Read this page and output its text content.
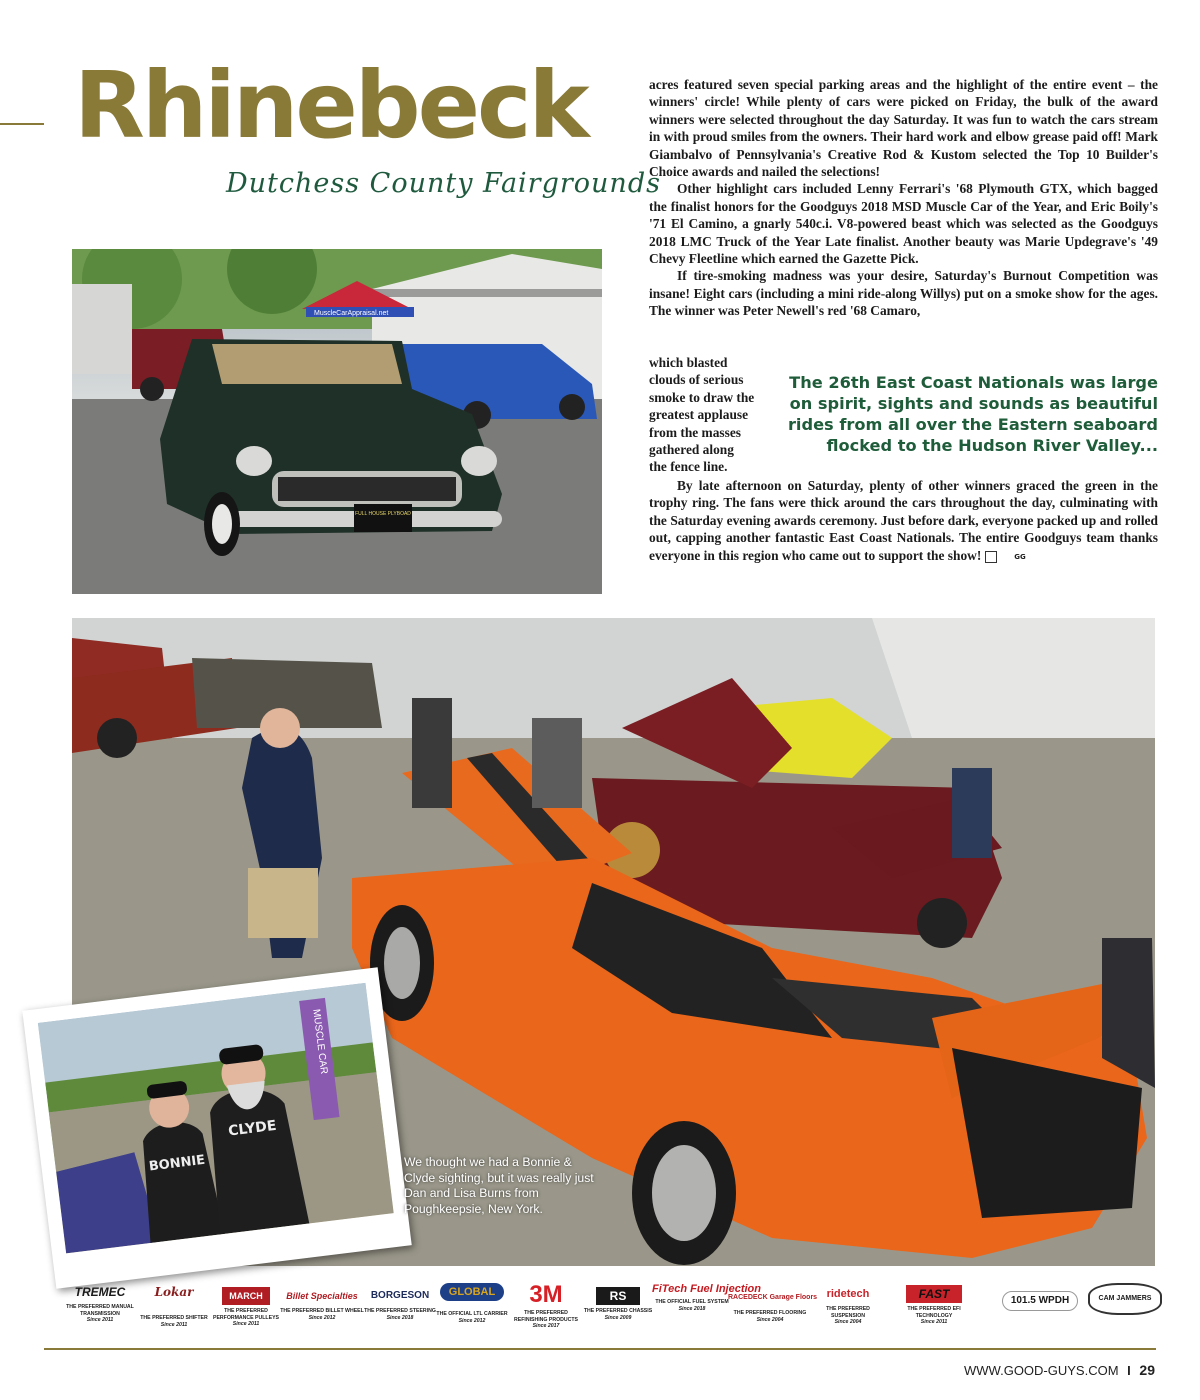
Rhinebeck
Dutchess County Fairgrounds

acres featured seven special parking areas and the highlight of the entire event – the winners' circle! While plenty of cars were picked on Friday, the bulk of the award winners were selected throughout the day Saturday. It was fun to watch the cars stream in with proud smiles from the owners. Their hard work and elbow grease paid off! Mark Giambalvo of Pennsylvania's Creative Rod & Kustom selected the Top 10 Builder's Choice awards and nailed the selections!

Other highlight cars included Lenny Ferrari's '68 Plymouth GTX, which bagged the finalist honors for the Goodguys 2018 MSD Muscle Car of the Year, and Eric Boily's '71 El Camino, a gnarly 540c.i. V8-powered beast which was selected as the Goodguys 2018 LMC Truck of the Year Late finalist. Another beauty was Marie Updegrave's '49 Chevy Fleetline which earned the Gazette Pick.

If tire-smoking madness was your desire, Saturday's Burnout Competition was insane! Eight cars (including a mini ride-along Willys) put on a smoke show for the ages. The winner was Peter Newell's red '68 Camaro,

which blasted
clouds of serious
smoke to draw the
greatest applause
from the masses
gathered along
the fence line.
The 26th East Coast Nationals was large on spirit, sights and sounds as beautiful rides from all over the Eastern seaboard flocked to the Hudson River Valley...

By late afternoon on Saturday, plenty of other winners graced the green in the trophy ring. The fans were thick around the cars throughout the day, culminating with the Saturday evening awards ceremony. Just before dark, everyone packed up and rolled out, capping another fantastic East Coast Nationals. The entire Goodguys team thanks everyone in this region who came out to support the show!	GG

MuscleCarAppraisal.net
FULL HOUSE PLYBOAD
MUSCLE CAR
BONNIE
CLYDE
We thought we had a Bonnie & Clyde sighting, but it was really just Dan and Lisa Burns from Poughkeepsie, New York.
TREMEC
THE PREFERRED MANUAL TRANSMISSION
Since 2011
Lokar
THE PREFERRED SHIFTER
Since 2011
MARCH
THE PREFERRED PERFORMANCE PULLEYS
Since 2011
Billet Specialties
THE PREFERRED BILLET WHEEL
Since 2012
BORGESON
THE PREFERRED STEERING
Since 2018
GLOBAL
THE OFFICIAL LTL CARRIER
Since 2012
3M
THE PREFERRED REFINISHING PRODUCTS
Since 2017
RS
THE PREFERRED CHASSIS
Since 2009
FiTech Fuel Injection
THE OFFICIAL FUEL SYSTEM
Since 2018
RACEDECK Garage Floors
THE PREFERRED FLOORING
Since 2004
ridetech
THE PREFERRED SUSPENSION
Since 2004
FAST
THE PREFERRED EFI TECHNOLOGY
Since 2011
101.5 WPDH	CAM JAMMERS
WWW.GOOD-GUYS.COM I 29
